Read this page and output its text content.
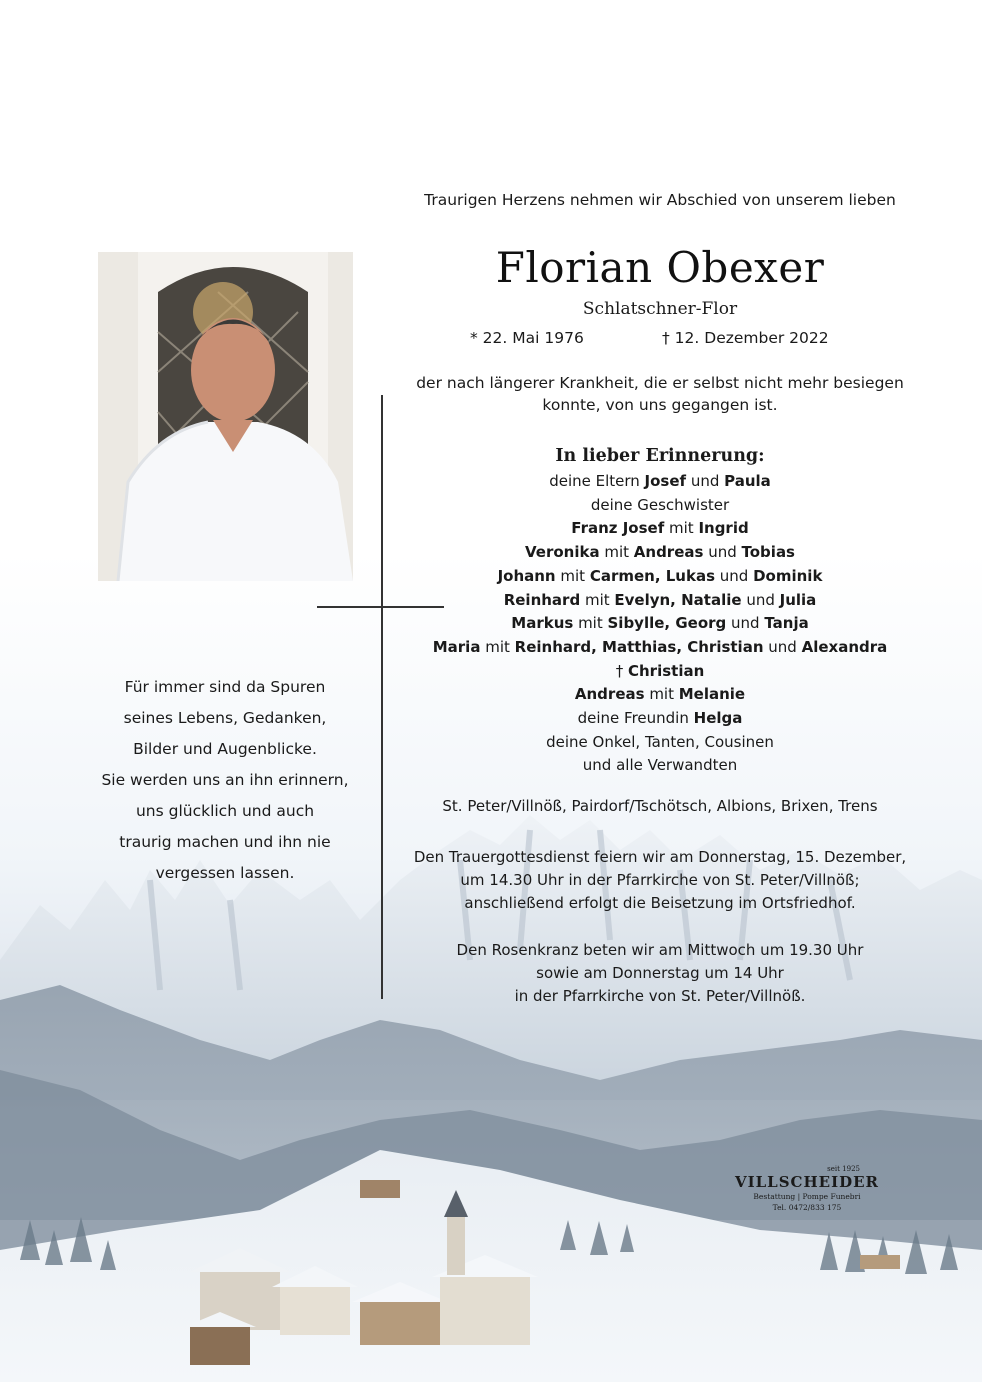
Traurigen Herzens nehmen wir Abschied von unserem lieben
Florian Obexer
Schlatschner-Flor
* 22. Mai 1976	† 12. Dezember 2022
der nach längerer Krankheit, die er selbst nicht mehr besiegen
konnte, von uns gegangen ist.
In lieber Erinnerung:
deine Eltern Josef und Paula
deine Geschwister
Franz Josef mit Ingrid
Veronika mit Andreas und Tobias
Johann mit Carmen, Lukas und Dominik
Reinhard mit Evelyn, Natalie und Julia
Markus mit Sibylle, Georg und Tanja
Maria mit Reinhard, Matthias, Christian und Alexandra
† Christian
Andreas mit Melanie
deine Freundin Helga
deine Onkel, Tanten, Cousinen
und alle Verwandten
St. Peter/Villnöß, Pairdorf/Tschötsch, Albions, Brixen, Trens
Den Trauergottesdienst feiern wir am Donnerstag, 15. Dezember,
um 14.30 Uhr in der Pfarrkirche von St. Peter/Villnöß;
anschließend erfolgt die Beisetzung im Ortsfriedhof.
Den Rosenkranz beten wir am Mittwoch um 19.30 Uhr
sowie am Donnerstag um 14 Uhr
in der Pfarrkirche von St. Peter/Villnöß.
Für immer sind da Spuren
seines Lebens, Gedanken,
Bilder und Augenblicke.
Sie werden uns an ihn erinnern,
uns glücklich und auch
traurig machen und ihn nie
vergessen lassen.
seit 1925
VILLSCHEIDER
Bestattung | Pompe Funebri
Tel. 0472/833 175
